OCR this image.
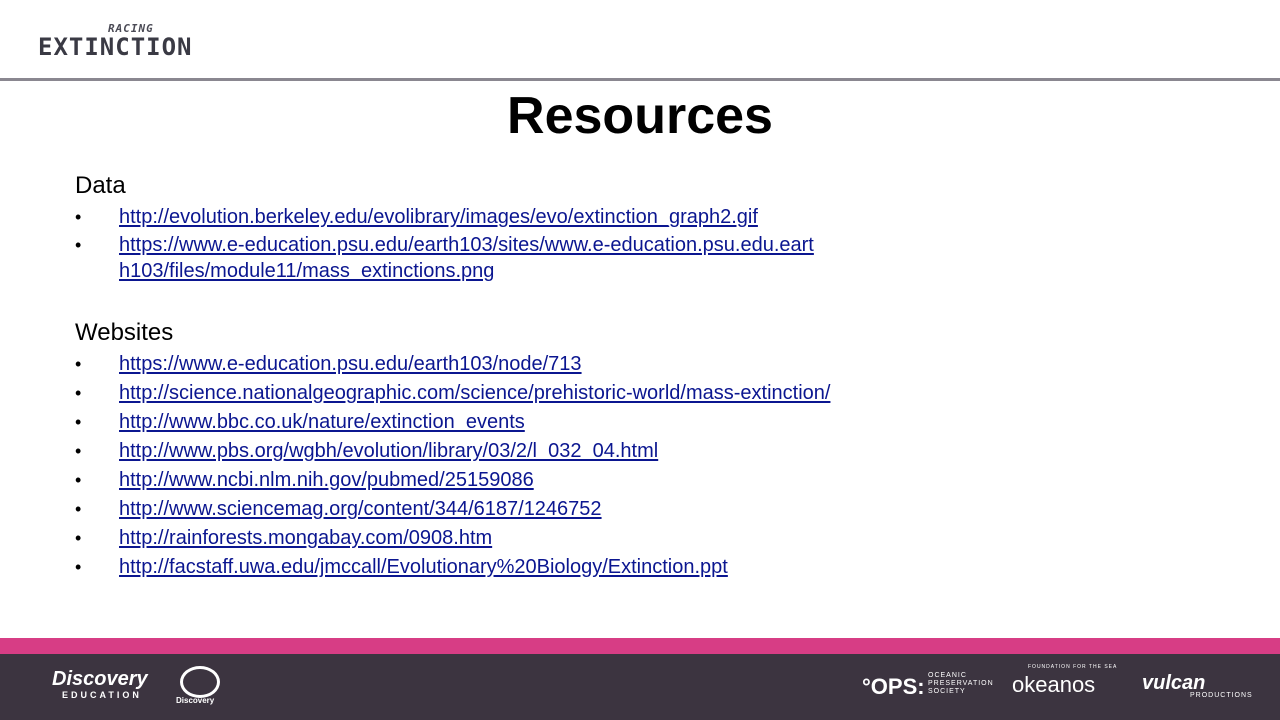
RACING
EXTINCTION
Resources
Data
• http://evolution.berkeley.edu/evolibrary/images/evo/extinction_graph2.gif
• https://www.e-education.psu.edu/earth103/sites/www.e-education.psu.edu.earth103/files/module11/mass_extinctions.png
Websites
• https://www.e-education.psu.edu/earth103/node/713
• http://science.nationalgeographic.com/science/prehistoric-world/mass-extinction/
• http://www.bbc.co.uk/nature/extinction_events
• http://www.pbs.org/wgbh/evolution/library/03/2/l_032_04.html
• http://www.ncbi.nlm.nih.gov/pubmed/25159086
• http://www.sciencemag.org/content/344/6187/1246752
• http://rainforests.mongabay.com/0908.htm
• http://facstaff.uwa.edu/jmccall/Evolutionary%20Biology/Extinction.ppt
Discovery
EDUCATION
Discovery
°OPS: OCEANIC PRESERVATION SOCIETY
FOUNDATION FOR THE SEA
okeanos vulcan
PRODUCTIONS
